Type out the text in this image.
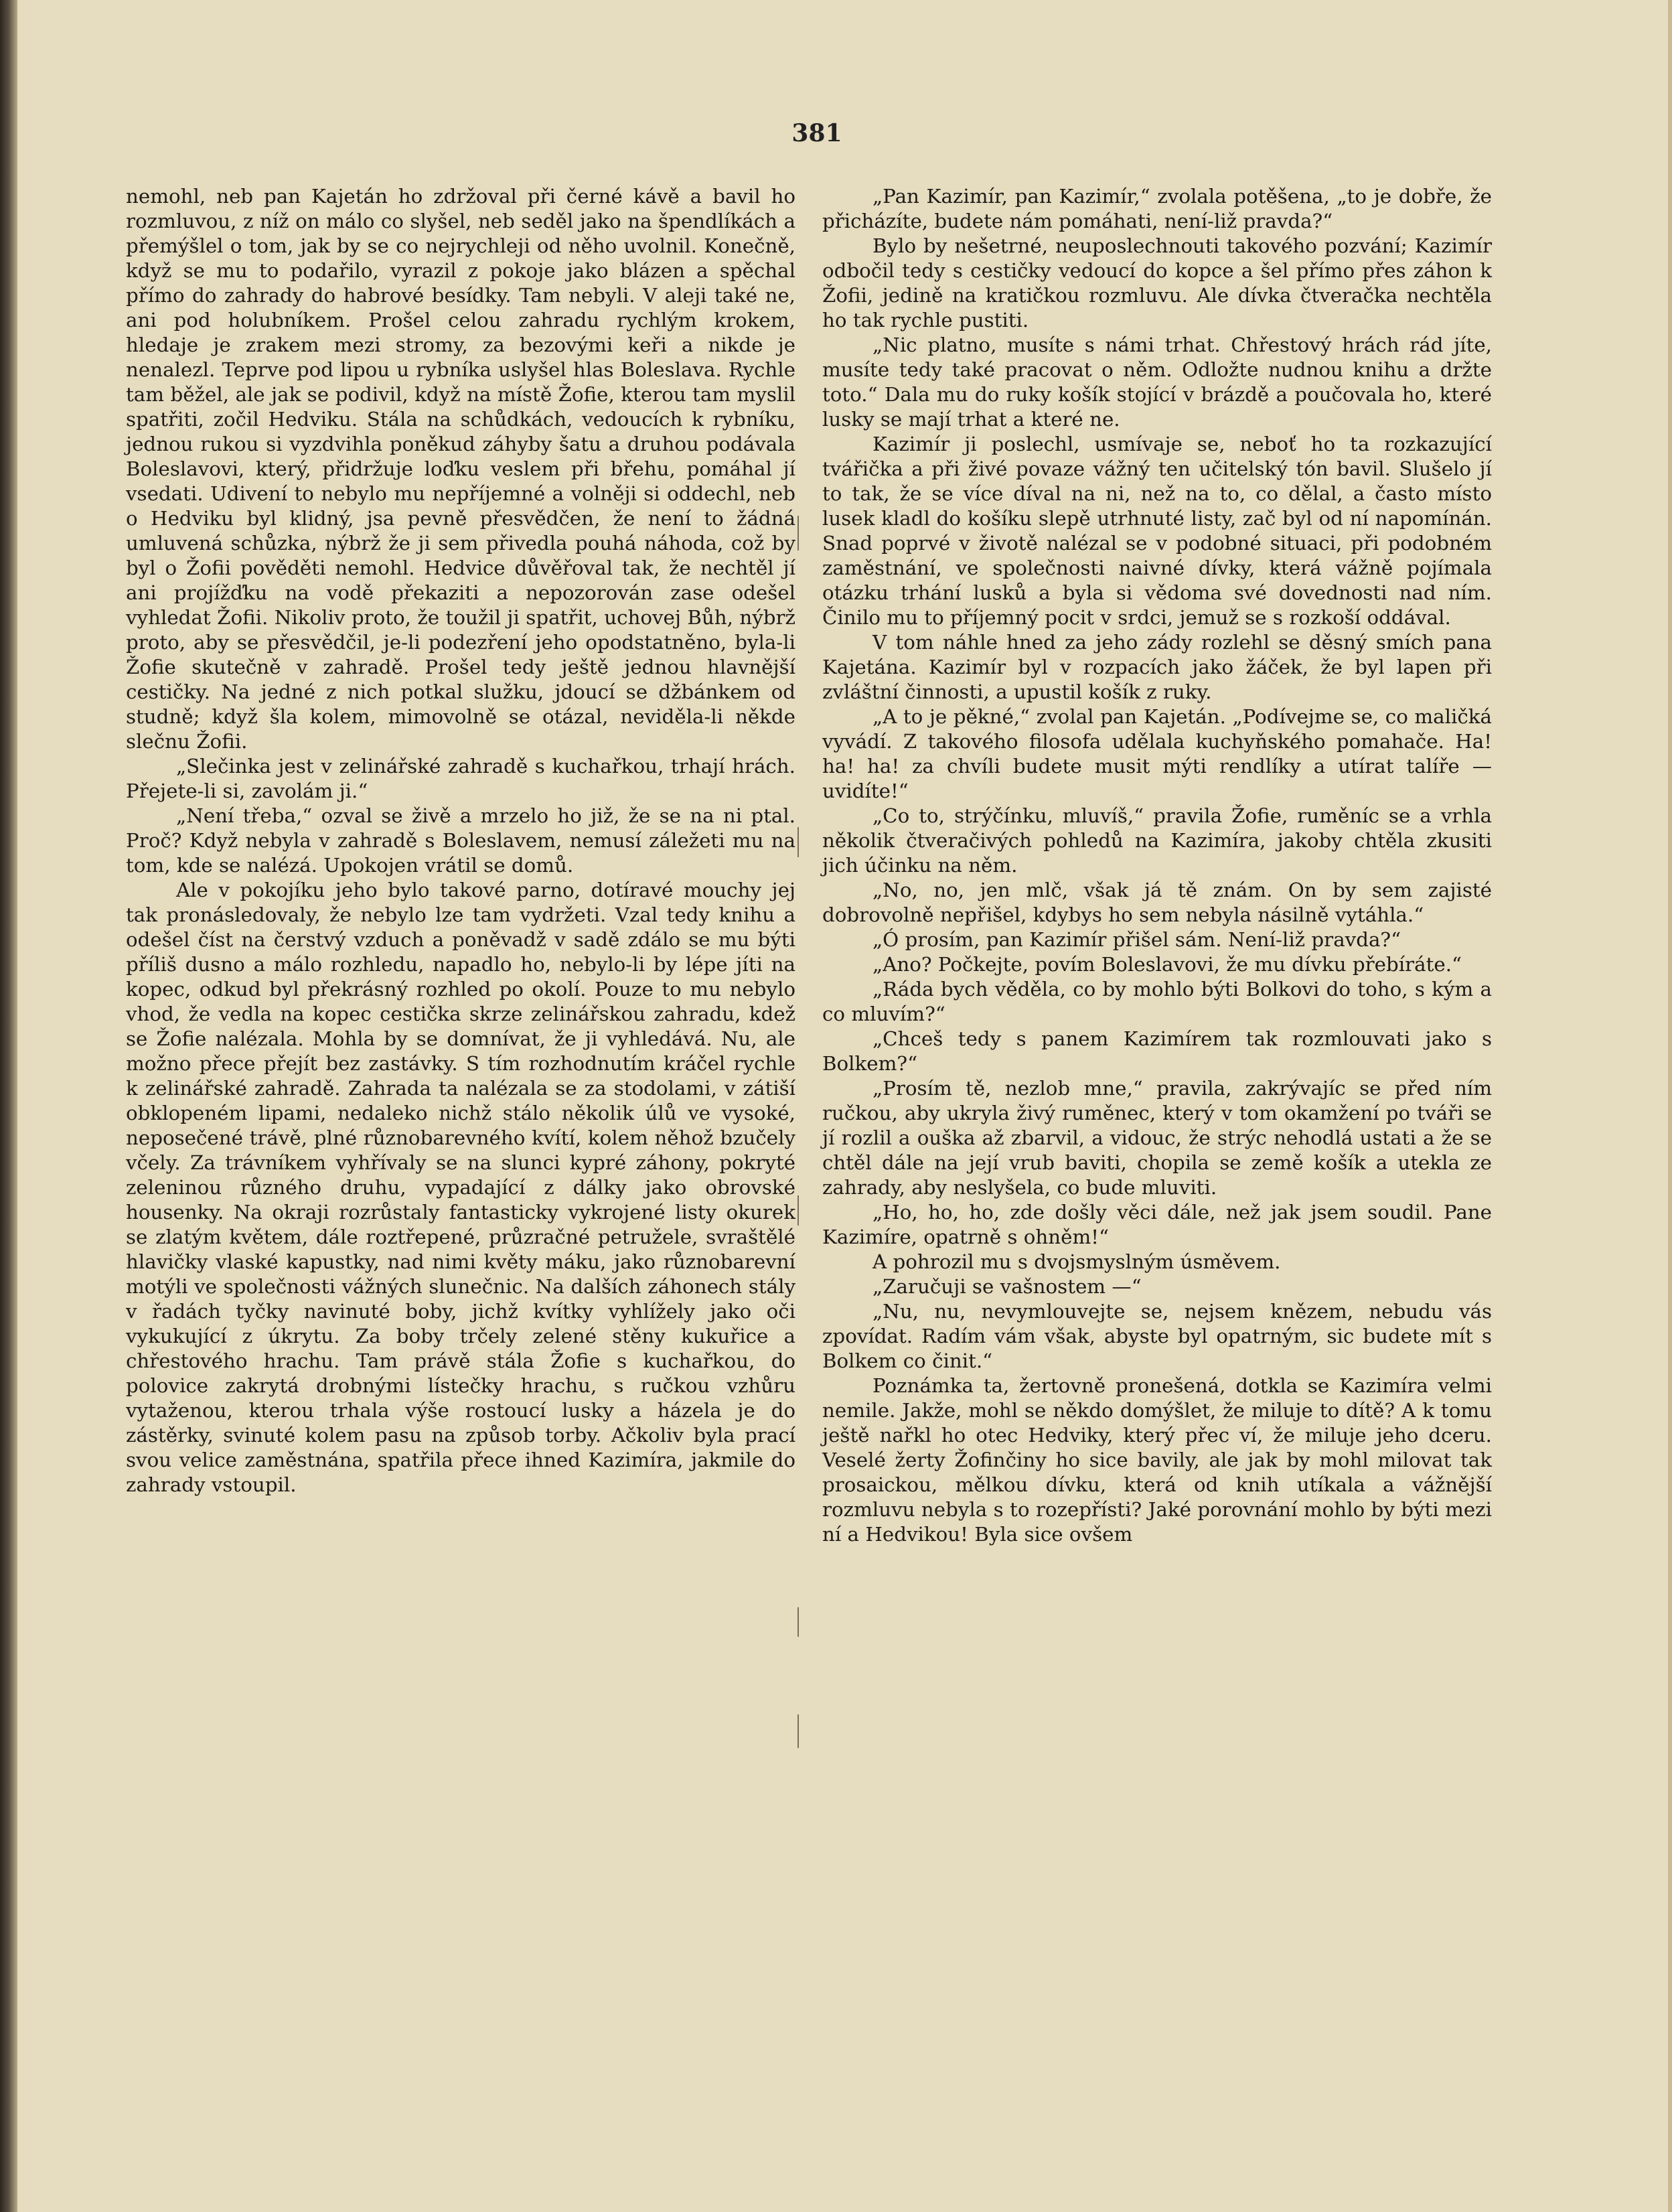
381

nemohl, neb pan Kajetán ho zdržoval při černé kávě a bavil ho rozmluvou, z níž on málo co slyšel, neb seděl jako na špendlíkách a přemýšlel o tom, jak by se co nejrychleji od něho uvolnil. Konečně, když se mu to podařilo, vyrazil z pokoje jako blázen a spěchal přímo do zahrady do habrové besídky. Tam nebyli. V aleji také ne, ani pod holubníkem. Prošel celou zahradu rychlým krokem, hledaje je zrakem mezi stromy, za bezovými keři a nikde je nenalezl. Teprve pod lipou u rybníka uslyšel hlas Boleslava. Rychle tam běžel, ale jak se podivil, když na místě Žofie, kterou tam myslil spatřiti, zočil Hedviku. Stála na schůdkách, vedoucích k rybníku, jednou rukou si vyzdvihla poněkud záhyby šatu a druhou podávala Boleslavovi, který, přidržuje loďku veslem při břehu, pomáhal jí vsedati. Udivení to nebylo mu nepříjemné a volněji si oddechl, neb o Hedviku byl klidný, jsa pevně přesvědčen, že není to žádná umluvená schůzka, nýbrž že ji sem přivedla pouhá náhoda, což by byl o Žofii pověděti nemohl. Hedvice důvěřoval tak, že nechtěl jí ani projížďku na vodě překaziti a nepozorován zase odešel vyhledat Žofii. Nikoliv proto, že toužil ji spatřit, uchovej Bůh, nýbrž proto, aby se přesvědčil, je-li podezření jeho opodstatněno, byla-li Žofie skutečně v zahradě. Prošel tedy ještě jednou hlavnější cestičky. Na jedné z nich potkal služku, jdoucí se džbánkem od studně; když šla kolem, mimovolně se otázal, neviděla-li někde slečnu Žofii.

„Slečinka jest v zelinářské zahradě s kuchařkou, trhají hrách. Přejete-li si, zavolám ji.“

„Není třeba,“ ozval se živě a mrzelo ho již, že se na ni ptal. Proč? Když nebyla v zahradě s Boleslavem, nemusí záležeti mu na tom, kde se nalézá. Upokojen vrátil se domů.

Ale v pokojíku jeho bylo takové parno, dotíravé mouchy jej tak pronásledovaly, že nebylo lze tam vydržeti. Vzal tedy knihu a odešel číst na čerstvý vzduch a poněvadž v sadě zdálo se mu býti příliš dusno a málo rozhledu, napadlo ho, nebylo-li by lépe jíti na kopec, odkud byl překrásný rozhled po okolí. Pouze to mu nebylo vhod, že vedla na kopec cestička skrze zelinářskou zahradu, kdež se Žofie nalézala. Mohla by se domnívat, že ji vyhledává. Nu, ale možno přece přejít bez zastávky. S tím rozhodnutím kráčel rychle k zelinářské zahradě. Zahrada ta nalézala se za stodolami, v zátiší obklopeném lipami, nedaleko nichž stálo několik úlů ve vysoké, neposečené trávě, plné různobarevného kvítí, kolem něhož bzučely včely. Za trávníkem vyhřívaly se na slunci kypré záhony, pokryté zeleninou různého druhu, vypadající z dálky jako obrovské housenky. Na okraji rozrůstaly fantasticky vykrojené listy okurek se zlatým květem, dále roztřepené, průzračné petružele, svraštělé hlavičky vlaské kapustky, nad nimi květy máku, jako různobarevní motýli ve společnosti vážných slunečnic. Na dalších záhonech stály v řadách tyčky navinuté boby, jichž kvítky vyhlížely jako oči vykukující z úkrytu. Za boby trčely zelené stěny kukuřice a chřestového hrachu. Tam právě stála Žofie s kuchařkou, do polovice zakrytá drobnými lístečky hrachu, s ručkou vzhůru vytaženou, kterou trhala výše rostoucí lusky a házela je do zástěrky, svinuté kolem pasu na způsob torby. Ačkoliv byla prací svou velice zaměstnána, spatřila přece ihned Kazimíra, jakmile do zahrady vstoupil.

„Pan Kazimír, pan Kazimír,“ zvolala potěšena, „to je dobře, že přicházíte, budete nám pomáhati, není-liž pravda?“

Bylo by nešetrné, neuposlechnouti takového pozvání; Kazimír odbočil tedy s cestičky vedoucí do kopce a šel přímo přes záhon k Žofii, jedině na kratičkou rozmluvu. Ale dívka čtveračka nechtěla ho tak rychle pustiti.

„Nic platno, musíte s námi trhat. Chřestový hrách rád jíte, musíte tedy také pracovat o něm. Odložte nudnou knihu a držte toto.“ Dala mu do ruky košík stojící v brázdě a poučovala ho, které lusky se mají trhat a které ne.

Kazimír ji poslechl, usmívaje se, neboť ho ta rozkazující tvářička a při živé povaze vážný ten učitelský tón bavil. Slušelo jí to tak, že se více díval na ni, než na to, co dělal, a často místo lusek kladl do košíku slepě utrhnuté listy, zač byl od ní napomínán. Snad poprvé v životě nalézal se v podobné situaci, při podobném zaměstnání, ve společnosti naivné dívky, která vážně pojímala otázku trhání lusků a byla si vědoma své dovednosti nad ním. Činilo mu to příjemný pocit v srdci, jemuž se s rozkoší oddával.

V tom náhle hned za jeho zády rozlehl se děsný smích pana Kajetána. Kazimír byl v rozpacích jako žáček, že byl lapen při zvláštní činnosti, a upustil košík z ruky.

„A to je pěkné,“ zvolal pan Kajetán. „Podívejme se, co maličká vyvádí. Z takového filosofa udělala kuchyňského pomahače. Ha! ha! ha! za chvíli budete musit mýti rendlíky a utírat talíře — uvidíte!“

„Co to, strýčínku, mluvíš,“ pravila Žofie, ruměníc se a vrhla několik čtveračivých pohledů na Kazimíra, jakoby chtěla zkusiti jich účinku na něm.

„No, no, jen mlč, však já tě znám. On by sem zajisté dobrovolně nepřišel, kdybys ho sem nebyla násilně vytáhla.“

„Ó prosím, pan Kazimír přišel sám. Není-liž pravda?“

„Ano? Počkejte, povím Boleslavovi, že mu dívku přebíráte.“

„Ráda bych věděla, co by mohlo býti Bolkovi do toho, s kým a co mluvím?“

„Chceš tedy s panem Kazimírem tak rozmlouvati jako s Bolkem?“

„Prosím tě, nezlob mne,“ pravila, zakrývajíc se před ním ručkou, aby ukryla živý ruměnec, který v tom okamžení po tváři se jí rozlil a ouška až zbarvil, a vidouc, že strýc nehodlá ustati a že se chtěl dále na její vrub baviti, chopila se země košík a utekla ze zahrady, aby neslyšela, co bude mluviti.

„Ho, ho, ho, zde došly věci dále, než jak jsem soudil. Pane Kazimíre, opatrně s ohněm!“

A pohrozil mu s dvojsmyslným úsměvem.

„Zaručuji se vašnostem —“

„Nu, nu, nevymlouvejte se, nejsem knězem, nebudu vás zpovídat. Radím vám však, abyste byl opatrným, sic budete mít s Bolkem co činit.“

Poznámka ta, žertovně pronešená, dotkla se Kazimíra velmi nemile. Jakže, mohl se někdo domýšlet, že miluje to dítě? A k tomu ještě nařkl ho otec Hedviky, který přec ví, že miluje jeho dceru. Veselé žerty Žofinčiny ho sice bavily, ale jak by mohl milovat tak prosaickou, mělkou dívku, která od knih utíkala a vážnější rozmluvu nebyla s to rozepřísti? Jaké porovnání mohlo by býti mezi ní a Hedvikou! Byla sice ovšem
